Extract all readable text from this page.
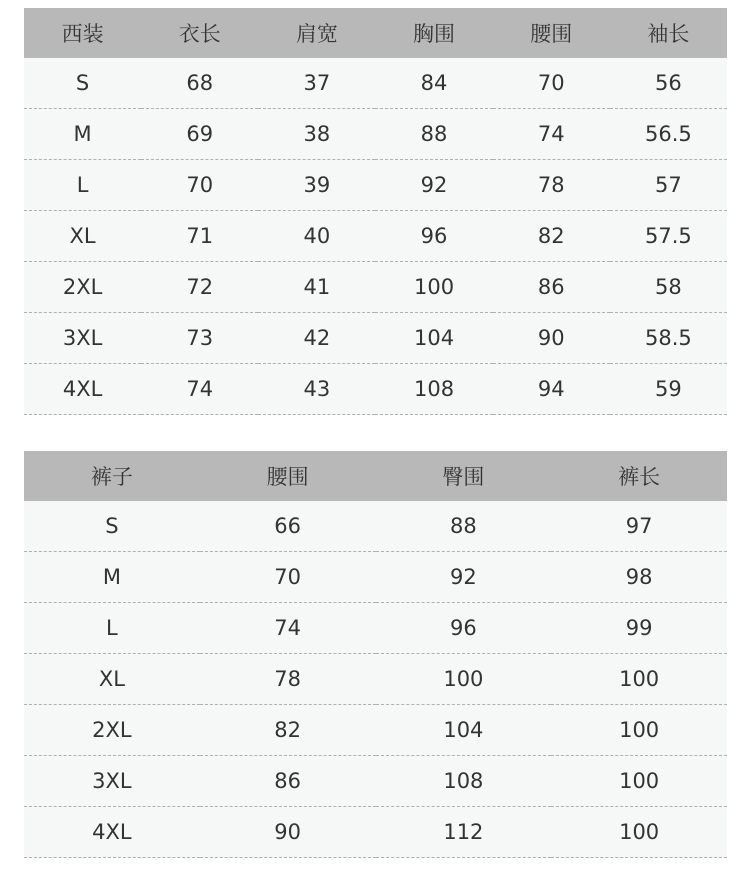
西装	衣长	肩宽	胸围	腰围	袖长
S	68	37	84	70	56
M	69	38	88	74	56.5
L	70	39	92	78	57
XL	71	40	96	82	57.5
2XL	72	41	100	86	58
3XL	73	42	104	90	58.5
4XL	74	43	108	94	59
裤子	腰围	臀围	裤长
S	66	88	97
M	70	92	98
L	74	96	99
XL	78	100	100
2XL	82	104	100
3XL	86	108	100
4XL	90	112	100
